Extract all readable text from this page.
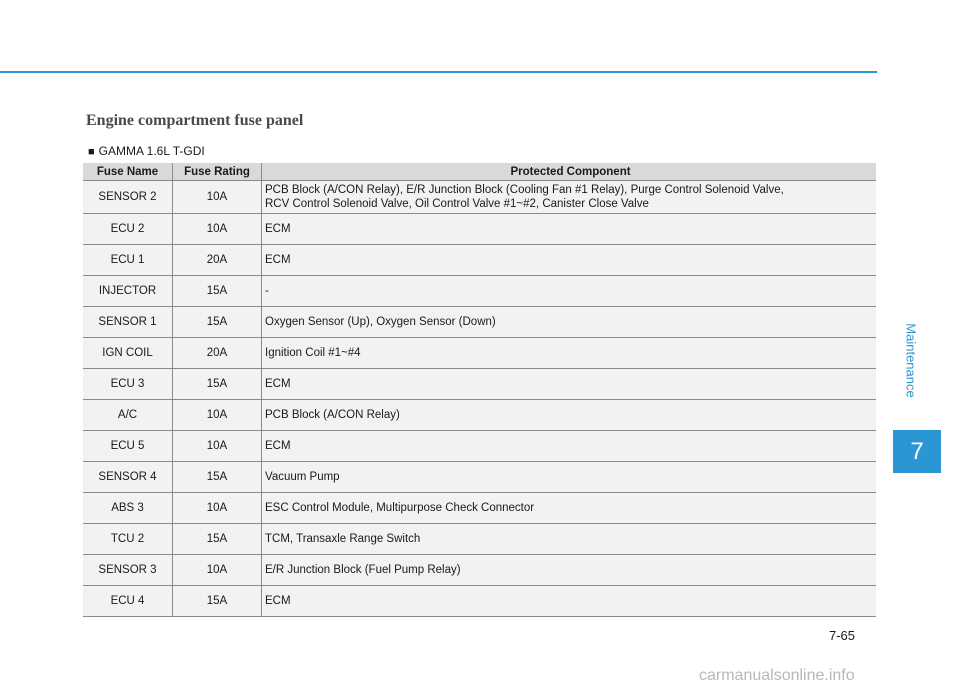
Engine compartment fuse panel
■ GAMMA 1.6L T-GDI
Fuse Name	Fuse Rating	Protected Component
SENSOR 2	10A	PCB Block (A/CON Relay), E/R Junction Block (Cooling Fan #1 Relay), Purge Control Solenoid Valve,
RCV Control Solenoid Valve, Oil Control Valve #1~#2, Canister Close Valve

ECU 2	10A	ECM
ECU 1	20A	ECM
INJECTOR	15A	-
SENSOR 1	15A	Oxygen Sensor (Up), Oxygen Sensor (Down)
IGN COIL	20A	Ignition Coil #1~#4
ECU 3	15A	ECM
A/C	10A	PCB Block (A/CON Relay)
ECU 5	10A	ECM
SENSOR 4	15A	Vacuum Pump
ABS 3	10A	ESC Control Module, Multipurpose Check Connector
TCU 2	15A	TCM, Transaxle Range Switch
SENSOR 3	10A	E/R Junction Block (Fuel Pump Relay)
ECU 4	15A	ECM
Maintenance
7
7-65
carmanualsonline.info
